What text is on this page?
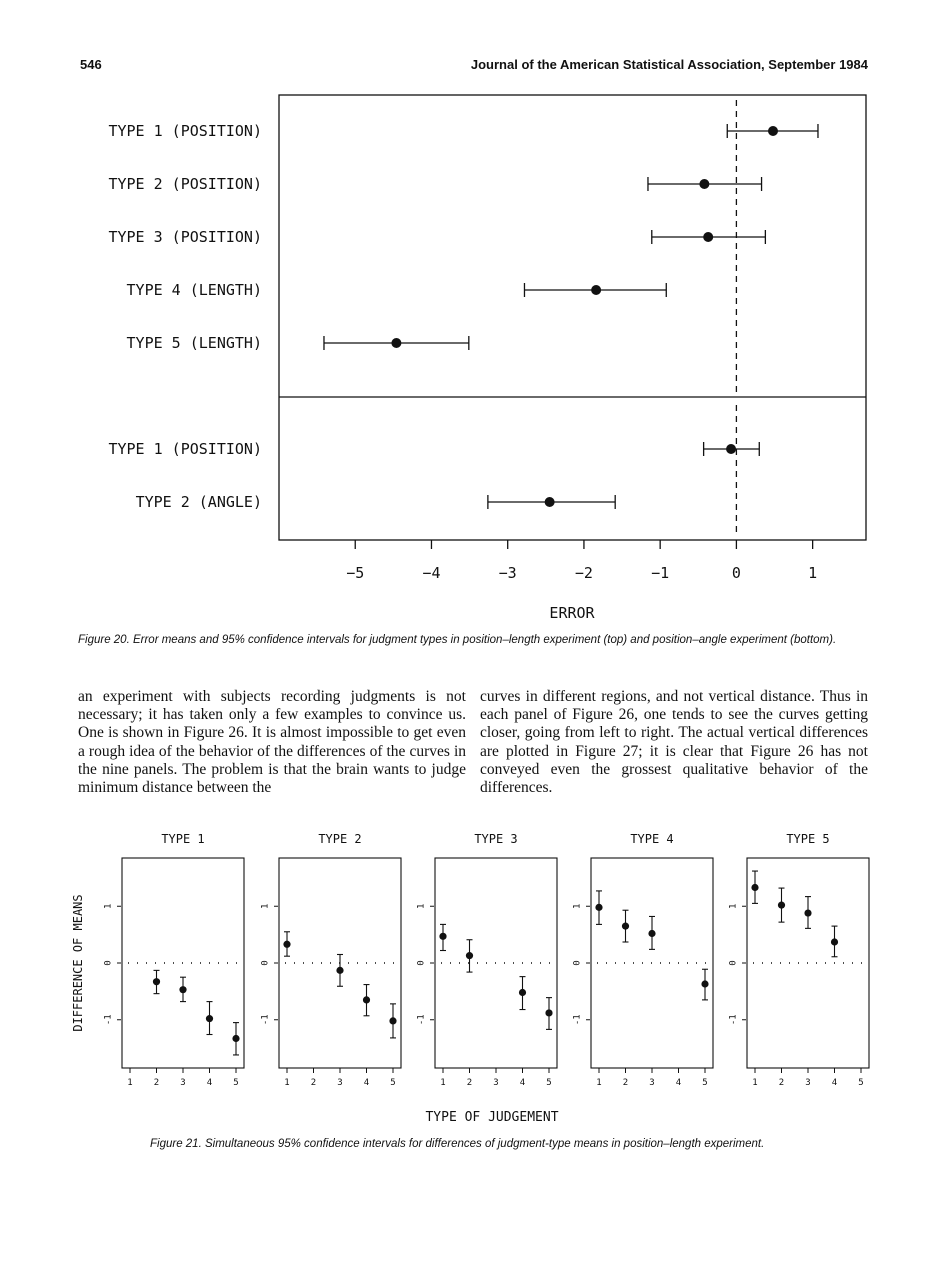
546	Journal of the American Statistical Association, September 1984
TYPE 1 (POSITION)
TYPE 2 (POSITION)
TYPE 3 (POSITION)
TYPE 4 (LENGTH)
TYPE 5 (LENGTH)
TYPE 1 (POSITION)
TYPE 2 (ANGLE)
−5	−4	−3	−2	−1	0	1
ERROR
Figure 20. Error means and 95% confidence intervals for judgment types in position–length experiment (top) and position–angle experiment (bottom).
an experiment with subjects recording judgments is not necessary; it has taken only a few examples to convince us. One is shown in Figure 26. It is almost impossible to get even a rough idea of the behavior of the differences of the curves in the nine panels. The problem is that the brain wants to judge minimum distance between the
curves in different regions, and not vertical distance. Thus in each panel of Figure 26, one tends to see the curves getting closer, going from left to right. The actual vertical differences are plotted in Figure 27; it is clear that Figure 26 has not conveyed even the grossest qualitative behavior of the differences.
DIFFERENCE OF MEANS
TYPE 1
-1
0
1
1 2 3 4 5
TYPE 2
-1
0
1
1 2 3 4 5
TYPE 3
-1
0
1
1 2 3 4 5
TYPE 4
-1
0
1
1 2 3 4 5
TYPE 5
-1
0
1
1 2 3 4 5
TYPE OF JUDGEMENT
Figure 21. Simultaneous 95% confidence intervals for differences of judgment-type means in position–length experiment.
